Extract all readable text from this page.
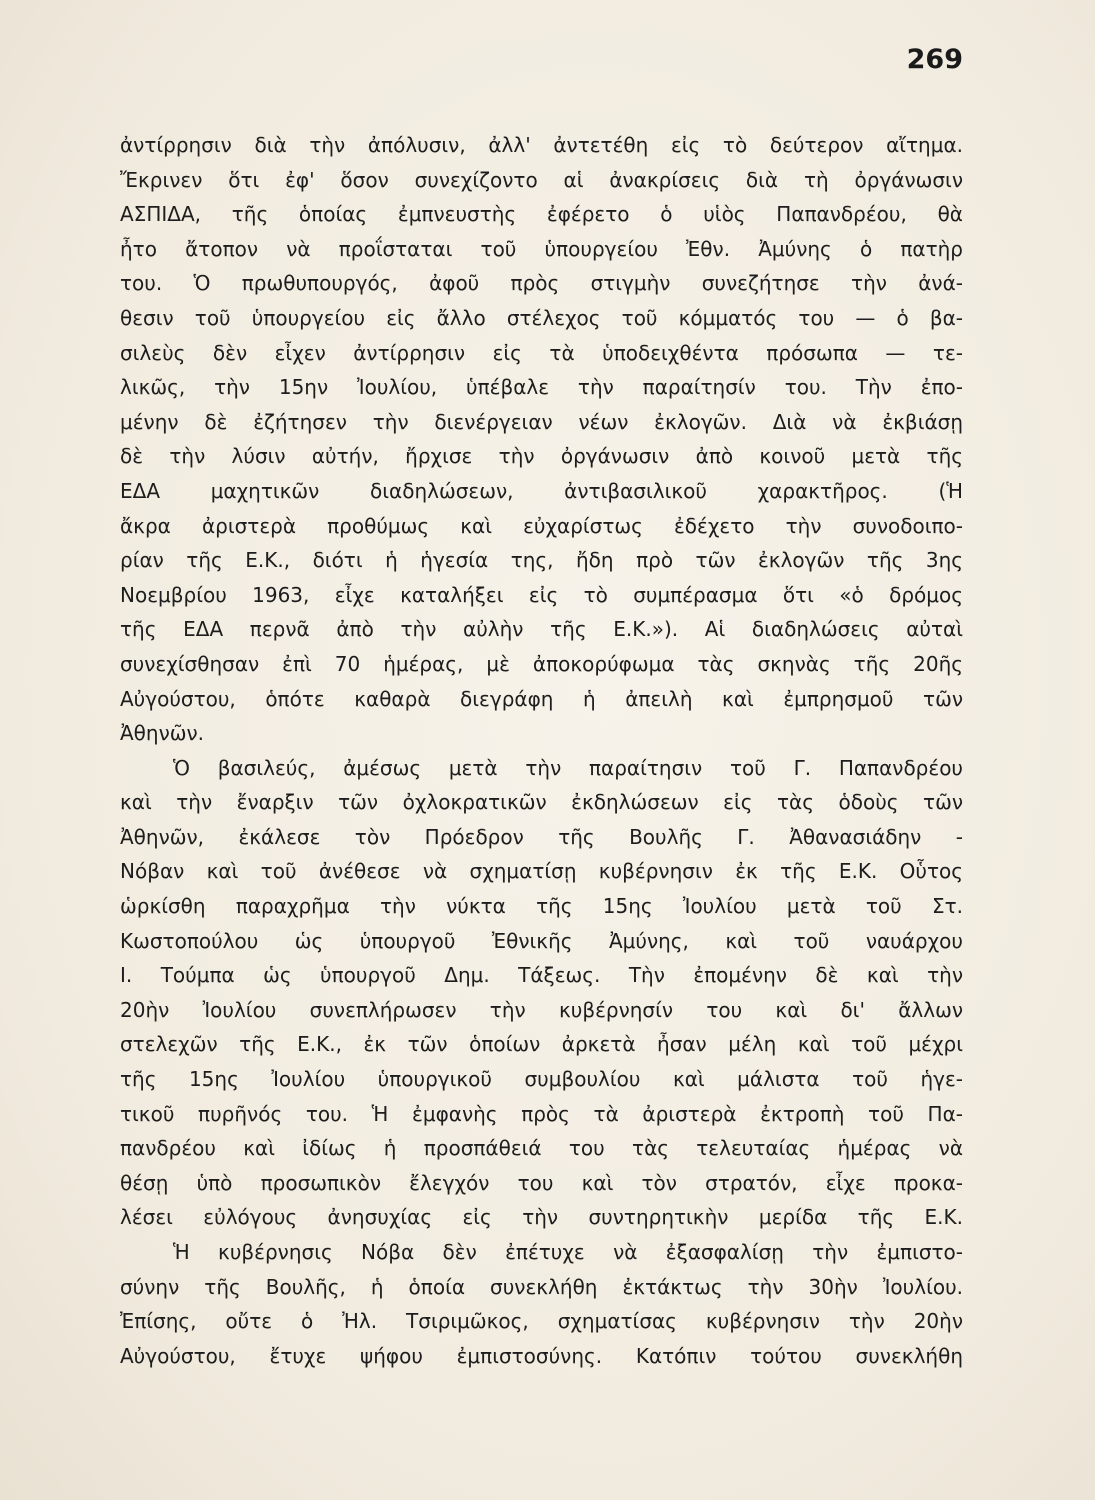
269
ἀντίρρησιν διὰ τὴν ἀπόλυσιν, ἀλλ' ἀντετέθη εἰς τὸ δεύτερον αἴτημα.
Ἔκρινεν ὅτι ἐφ' ὅσον συνεχίζοντο αἱ ἀνακρίσεις διὰ τὴ ὀργάνωσιν
ΑΣΠΙΔΑ, τῆς ὁποίας ἐμπνευστὴς ἐφέρετο ὁ υἱὸς Παπανδρέου, θὰ
ἦτο ἄτοπον νὰ προΐσταται τοῦ ὑπουργείου Ἐθν. Ἀμύνης ὁ πατὴρ
του. Ὁ πρωθυπουργός, ἀφοῦ πρὸς στιγμὴν συνεζήτησε τὴν ἀνά-
θεσιν τοῦ ὑπουργείου εἰς ἄλλο στέλεχος τοῦ κόμματός του — ὁ βα-
σιλεὺς δὲν εἶχεν ἀντίρρησιν εἰς τὰ ὑποδειχθέντα πρόσωπα — τε-
λικῶς, τὴν 15ην Ἰουλίου, ὑπέβαλε τὴν παραίτησίν του. Τὴν ἐπο-
μένην δὲ ἐζήτησεν τὴν διενέργειαν νέων ἐκλογῶν. Διὰ νὰ ἐκβιάσῃ
δὲ τὴν λύσιν αὐτήν, ἤρχισε τὴν ὀργάνωσιν ἀπὸ κοινοῦ μετὰ τῆς
ΕΔΑ μαχητικῶν διαδηλώσεων, ἀντιβασιλικοῦ χαρακτῆρος. (Ἡ
ἄκρα ἀριστερὰ προθύμως καὶ εὐχαρίστως ἐδέχετο τὴν συνοδοιπο-
ρίαν τῆς Ε.Κ., διότι ἡ ἡγεσία της, ἤδη πρὸ τῶν ἐκλογῶν τῆς 3ης
Νοεμβρίου 1963, εἶχε καταλήξει εἰς τὸ συμπέρασμα ὅτι «ὁ δρόμος
τῆς ΕΔΑ περνᾶ ἀπὸ τὴν αὐλὴν τῆς Ε.Κ.»). Αἱ διαδηλώσεις αὐταὶ
συνεχίσθησαν ἐπὶ 70 ἡμέρας, μὲ ἀποκορύφωμα τὰς σκηνὰς τῆς 20ῆς
Αὐγούστου, ὁπότε καθαρὰ διεγράφη ἡ ἀπειλὴ καὶ ἐμπρησμοῦ τῶν
Ἀθηνῶν.
Ὁ βασιλεύς, ἀμέσως μετὰ τὴν παραίτησιν τοῦ Γ. Παπανδρέου
καὶ τὴν ἔναρξιν τῶν ὀχλοκρατικῶν ἐκδηλώσεων εἰς τὰς ὁδοὺς τῶν
Ἀθηνῶν, ἐκάλεσε τὸν Πρόεδρον τῆς Βουλῆς Γ. Ἀθανασιάδην -
Νόβαν καὶ τοῦ ἀνέθεσε νὰ σχηματίσῃ κυβέρνησιν ἐκ τῆς Ε.Κ. Οὗτος
ὡρκίσθη παραχρῆμα τὴν νύκτα τῆς 15ης Ἰουλίου μετὰ τοῦ Στ.
Κωστοπούλου ὡς ὑπουργοῦ Ἐθνικῆς Ἀμύνης, καὶ τοῦ ναυάρχου
Ι. Τούμπα ὡς ὑπουργοῦ Δημ. Τάξεως. Τὴν ἐπομένην δὲ καὶ τὴν
20ὴν Ἰουλίου συνεπλήρωσεν τὴν κυβέρνησίν του καὶ δι' ἄλλων
στελεχῶν τῆς Ε.Κ., ἐκ τῶν ὁποίων ἀρκετὰ ἦσαν μέλη καὶ τοῦ μέχρι
τῆς 15ης Ἰουλίου ὑπουργικοῦ συμβουλίου καὶ μάλιστα τοῦ ἡγε-
τικοῦ πυρῆνός του. Ἡ ἐμφανὴς πρὸς τὰ ἀριστερὰ ἐκτροπὴ τοῦ Πα-
πανδρέου καὶ ἰδίως ἡ προσπάθειά του τὰς τελευταίας ἡμέρας νὰ
θέσῃ ὑπὸ προσωπικὸν ἔλεγχόν του καὶ τὸν στρατόν, εἶχε προκα-
λέσει εὐλόγους ἀνησυχίας εἰς τὴν συντηρητικὴν μερίδα τῆς Ε.Κ.
Ἡ κυβέρνησις Νόβα δὲν ἐπέτυχε νὰ ἐξασφαλίσῃ τὴν ἐμπιστο-
σύνην τῆς Βουλῆς, ἡ ὁποία συνεκλήθη ἐκτάκτως τὴν 30ὴν Ἰουλίου.
Ἐπίσης, οὔτε ὁ Ἠλ. Τσιριμῶκος, σχηματίσας κυβέρνησιν τὴν 20ὴν
Αὐγούστου, ἔτυχε ψήφου ἐμπιστοσύνης. Κατόπιν τούτου συνεκλήθη
